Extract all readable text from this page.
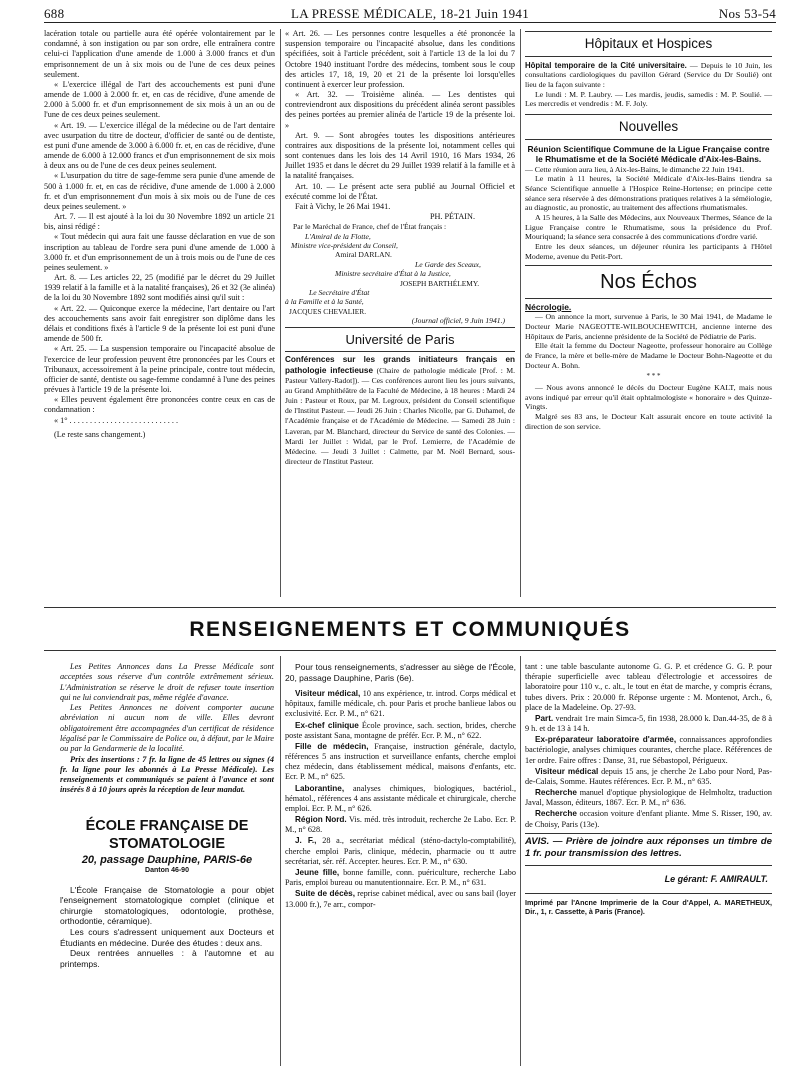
688	LA PRESSE MÉDICALE, 18-21 Juin 1941	Nos 53-54

lacération totale ou partielle aura été opérée volontairement par le condamné, à son instigation ou par son ordre, elle entraînera contre celui-ci l'application d'une amende de 1.000 à 3.000 francs et d'un emprisonnement de un à six mois ou de l'une de ces deux peines seulement.

« L'exercice illégal de l'art des accouchements est puni d'une amende de 1.000 à 2.000 fr. et, en cas de récidive, d'une amende de 2.000 à 5.000 fr. et d'un emprisonnement de six mois à un an ou de l'une de ces deux peines seulement.

« Art. 19. — L'exercice illégal de la médecine ou de l'art dentaire avec usurpation du titre de docteur, d'officier de santé ou de dentiste, est puni d'une amende de 3.000 à 6.000 fr. et, en cas de récidive, d'une amende de 6.000 à 12.000 francs et d'un emprisonnement de six mois à deux ans ou de l'une de ces deux peines seulement.

« L'usurpation du titre de sage-femme sera punie d'une amende de 500 à 1.000 fr. et, en cas de récidive, d'une amende de 1.000 à 2.000 fr. et d'un emprisonnement d'un mois à six mois ou de l'une de ces deux peines seulement. »

Art. 7. — Il est ajouté à la loi du 30 Novembre 1892 un article 21 bis, ainsi rédigé :

« Tout médecin qui aura fait une fausse déclaration en vue de son inscription au tableau de l'ordre sera puni d'une amende de 1.000 à 3.000 fr. et d'un emprisonnement de un à trois mois ou de l'une de ces peines seulement. »

Art. 8. — Les articles 22, 25 (modifié par le décret du 29 Juillet 1939 relatif à la famille et à la natalité françaises), 26 et 32 (3e alinéa) de la loi du 30 Novembre 1892 sont modifiés ainsi qu'il suit :

« Art. 22. — Quiconque exerce la médecine, l'art dentaire ou l'art des accouchements sans avoir fait enregistrer son diplôme dans les délais et conditions fixés à l'article 9 de la présente loi est puni d'une amende de 500 fr.

« Art. 25. — La suspension temporaire ou l'incapacité absolue de l'exercice de leur profession peuvent être prononcées par les Cours et Tribunaux, accessoirement à la peine principale, contre tout médecin, officier de santé, dentiste ou sage-femme condamné à l'une des peines prévues à l'article 19 de la présente loi.

« Elles peuvent également être prononcées contre ceux en cas de condamnation :

« 1° . . . . . . . . . . . . . . . . . . . . . . . . . . .

(Le reste sans changement.)

« Art. 26. — Les personnes contre lesquelles a été prononcée la suspension temporaire ou l'incapacité absolue, dans les conditions spécifiées, soit à l'article précédent, soit à l'article 13 de la loi du 7 Octobre 1940 instituant l'ordre des médecins, tombent sous le coup des articles 17, 18, 19, 20 et 21 de la présente loi lorsqu'elles continuent à exercer leur profession.

« Art. 32. — Troisième alinéa. — Les dentistes qui contreviendront aux dispositions du précédent alinéa seront passibles des peines portées au premier alinéa de l'article 19 de la présente loi. »

Art. 9. — Sont abrogées toutes les dispositions antérieures contraires aux dispositions de la présente loi, notamment celles qui sont contenues dans les lois des 14 Avril 1910, 16 Mars 1934, 26 Juillet 1935 et dans le décret du 29 Juillet 1939 relatif à la famille et à la natalité françaises.

Art. 10. — Le présent acte sera publié au Journal Officiel et exécuté comme loi de l'État.

Fait à Vichy, le 26 Mai 1941.

PH. PÉTAIN.

Par le Maréchal de France, chef de l'État français :

L'Amiral de la Flotte,

Ministre vice-président du Conseil,

Amiral DARLAN.

Le Garde des Sceaux,

Ministre secrétaire d'État à la Justice,

JOSEPH BARTHÉLEMY.

Le Secrétaire d'État

à la Famille et à la Santé,

JACQUES CHEVALIER.

(Journal officiel, 9 Juin 1941.)

Université de Paris

Conférences sur les grands initiateurs français en pathologie infectieuse (Chaire de pathologie médicale [Prof. : M. Pasteur Vallery-Radot]). — Ces conférences auront lieu les jours suivants, au Grand Amphithéâtre de la Faculté de Médecine, à 18 heures : Mardi 24 Juin : Pasteur et Roux, par M. Legroux, président du Conseil scientifique de l'Institut Pasteur. — Jeudi 26 Juin : Charles Nicolle, par G. Duhamel, de l'Académie française et de l'Académie de Médecine. — Samedi 28 Juin : Laveran, par M. Blanchard, directeur du Service de santé des Colonies. — Mardi 1er Juillet : Widal, par le Prof. Lemierre, de l'Académie de Médecine. — Jeudi 3 Juillet : Calmette, par M. Noël Bernard, sous-directeur de l'Institut Pasteur.

Hôpitaux et Hospices

Hôpital temporaire de la Cité universitaire. — Depuis le 10 Juin, les consultations cardiologiques du pavillon Gérard (Service du Dr Soulié) ont lieu de la façon suivante :

Le lundi : M. P. Laubry. — Les mardis, jeudis, samedis : M. P. Soulié. — Les mercredis et vendredis : M. F. Joly.

Nouvelles
Réunion Scientifique Commune de la Ligue Française contre le Rhumatisme et de la Société Médicale d'Aix-les-Bains.

— Cette réunion aura lieu, à Aix-les-Bains, le dimanche 22 Juin 1941.

Le matin à 11 heures, la Société Médicale d'Aix-les-Bains tiendra sa Séance Scientifique annuelle à l'Hospice Reine-Hortense; en principe cette séance sera réservée à des démonstrations pratiques relatives à la séméiologie, au diagnostic, au pronostic, au traitement des affections rhumatismales.

A 15 heures, à la Salle des Médecins, aux Nouveaux Thermes, Séance de la Ligue Française contre le Rhumatisme, sous la présidence du Prof. Mouriquand; la séance sera consacrée à des communications d'ordre varié.

Entre les deux séances, un déjeuner réunira les participants à l'Hôtel Moderne, avenue du Petit-Port.

Nos Échos

Nécrologie.

— On annonce la mort, survenue à Paris, le 30 Mai 1941, de Madame le Docteur Marie NAGEOTTE-WILBOUCHEWITCH, ancienne interne des Hôpitaux de Paris, ancienne présidente de la Société de Pédiatrie de Paris.

Elle était la femme du Docteur Nageotte, professeur honoraire au Collège de France, la mère et belle-mère de Madame le Docteur Bohn-Nageotte et du Docteur A. Bohn.

* * *

— Nous avons annoncé le décès du Docteur Eugène KALT, mais nous avons indiqué par erreur qu'il était ophtalmologiste « honoraire » des Quinze-Vingts.

Malgré ses 83 ans, le Docteur Kalt assurait encore en toute activité la direction de son service.

RENSEIGNEMENTS ET COMMUNIQUÉS

Les Petites Annonces dans La Presse Médicale sont acceptées sous réserve d'un contrôle extrêmement sérieux. L'Administration se réserve le droit de refuser toute insertion qui ne lui conviendrait pas, même réglée d'avance.

Les Petites Annonces ne doivent comporter aucune abréviation ni aucun nom de ville. Elles devront obligatoirement être accompagnées d'un certificat de résidence légalisé par le Commissaire de Police ou, à défaut, par le Maire ou par la Gendarmerie de la localité.

Prix des insertions : 7 fr. la ligne de 45 lettres ou signes (4 fr. la ligne pour les abonnés à La Presse Médicale). Les renseignements et communiqués se paient à l'avance et sont insérés 8 à 10 jours après la réception de leur mandat.

ÉCOLE FRANÇAISE DE STOMATOLOGIE
20, passage Dauphine, PARIS-6e
Danton 46-90

L'École Française de Stomatologie a pour objet l'enseignement stomatologique complet (clinique et chirurgie stomatologiques, odontologie, prothèse, orthodontie, céramique).

Les cours s'adressent uniquement aux Docteurs et Étudiants en médecine. Durée des études : deux ans.

Deux rentrées annuelles : à l'automne et au printemps.

Pour tous renseignements, s'adresser au siège de l'École, 20, passage Dauphine, Paris (6e).

Visiteur médical, 10 ans expérience, tr. introd. Corps médical et hôpitaux, famille médicale, ch. pour Paris et proche banlieue labos ou exclusivité. Ecr. P. M., n° 621.

Ex-chef clinique École province, sach. section, brides, cherche poste assistant Sana, montagne de préfér. Ecr. P. M., n° 622.

Fille de médecin, Française, instruction générale, dactylo, références 5 ans instruction et surveillance enfants, cherche emploi chez médecin, dans établissement médical, maisons d'enfants, etc. Ecr. P. M., n° 625.

Laborantine, analyses chimiques, biologiques, bactériol., hématol., références 4 ans assistante médicale et chirurgicale, cherche emploi. Ecr. P. M., n° 626.

Région Nord. Vis. méd. très introduit, recherche 2e Labo. Ecr. P. M., n° 628.

J. F., 28 a., secrétariat médical (sténo-dactylo-comptabilité), cherche emploi Paris, clinique, médecin, pharmacie ou tt autre secrétariat, sér. réf. Accepter. heures. Ecr. P. M., n° 630.

Jeune fille, bonne famille, conn. puériculture, recherche Labo Paris, emploi bureau ou manutentionnaire. Ecr. P. M., n° 631.

Suite de décès, reprise cabinet médical, avec ou sans bail (loyer 13.000 fr.), 7e arr., compor-

tant : une table basculante autonome G. G. P. et crédence G. G. P. pour thérapie superficielle avec tableau d'électrologie et accessoires de laboratoire pour 110 v., c. alt., le tout en état de marche, y compris écrans, tubes divers. Prix : 20.000 fr. Réponse urgente : M. Montenot, Arch., 6, place de la Madeleine. Op. 27-93.

Part. vendrait 1re main Simca-5, fin 1938, 28.000 k. Dan.44-35, de 8 à 9 h. et de 13 à 14 h.

Ex-préparateur laboratoire d'armée, connaissances approfondies bactériologie, analyses chimiques courantes, cherche place. Références de 1er ordre. Faire offres : Danse, 31, rue Sébastopol, Périgueux.

Visiteur médical depuis 15 ans, je cherche 2e Labo pour Nord, Pas-de-Calais, Somme. Hautes références. Ecr. P. M., n° 635.

Recherche manuel d'optique physiologique de Helmholtz, traduction Javal, Masson, éditeurs, 1867. Ecr. P. M., n° 636.

Recherche occasion voiture d'enfant pliante. Mme S. Risser, 190, av. de Choisy, Paris (13e).

AVIS. — Prière de joindre aux réponses un timbre de 1 fr. pour transmission des lettres.

Le gérant: F. AMIRAULT.

Imprimé par l'Ancne Imprimerie de la Cour d'Appel, A. MARETHEUX, Dir., 1, r. Cassette, à Paris (France).
